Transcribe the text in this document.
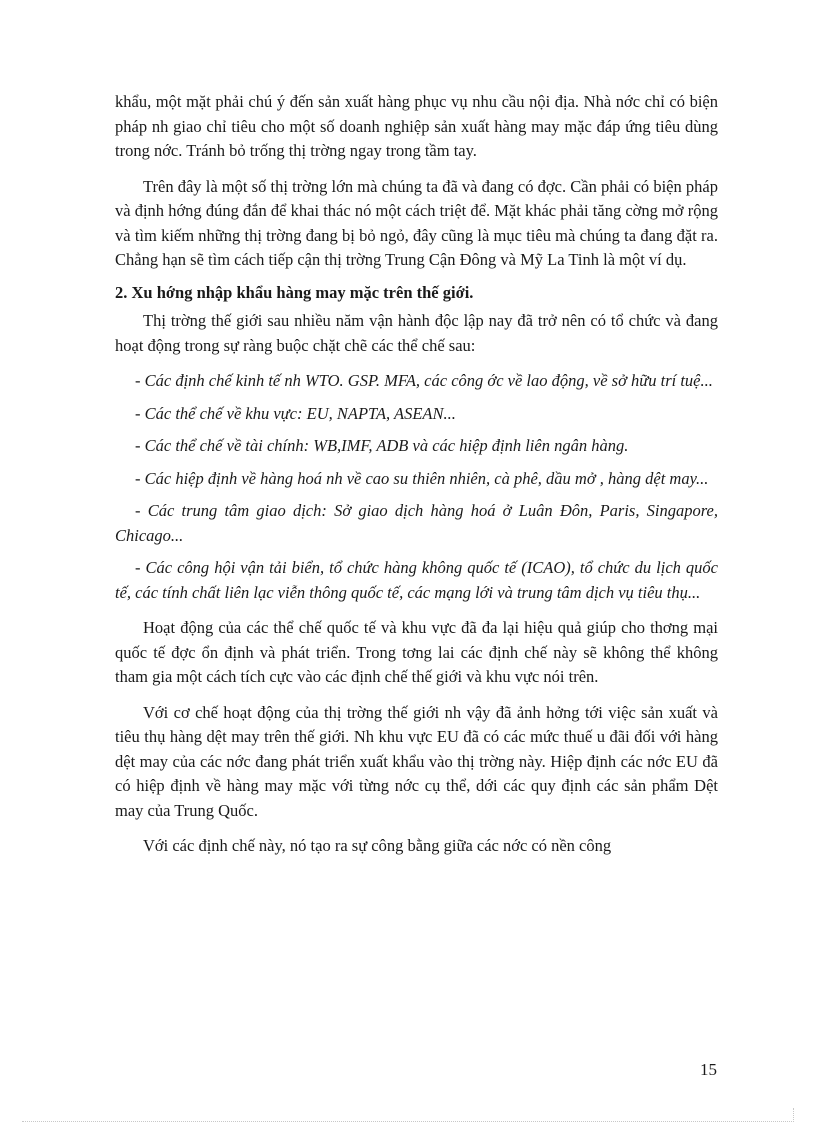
khẩu, một mặt phải chú ý đến sản xuất hàng phục vụ nhu cầu nội địa. Nhà nớc chỉ có biện pháp nh giao chỉ tiêu cho một số doanh nghiệp sản xuất hàng may mặc đáp ứng tiêu dùng trong nớc. Tránh bỏ trống thị trờng ngay trong tầm tay.

Trên đây là một số thị trờng lớn mà chúng ta đã và đang có đợc. Cần phải có biện pháp và định hớng đúng đắn để khai thác nó một cách triệt để. Mặt khác phải tăng cờng mở rộng và tìm kiếm những thị trờng đang bị bỏ ngỏ, đây cũng là mục tiêu mà chúng ta đang đặt ra. Chẳng hạn sẽ tìm cách tiếp cận thị trờng Trung Cận Đông và Mỹ La Tinh là một ví dụ.

2. Xu hớng nhập khẩu hàng may mặc trên thế giới.

Thị trờng thế giới sau nhiều năm vận hành độc lập nay đã trở nên có tổ chức và đang hoạt động trong sự ràng buộc chặt chẽ các thể chế sau:

- Các định chế kinh tế nh WTO. GSP. MFA, các công ớc về lao động, về sở hữu trí tuệ...

- Các thể chế về khu vực: EU, NAPTA, ASEAN...

- Các thể chế về tài chính: WB,IMF, ADB và các hiệp định liên ngân hàng.

- Các hiệp định về hàng hoá nh về cao su thiên nhiên, cà phê, dầu mở , hàng dệt may...

- Các trung tâm giao dịch: Sở giao dịch hàng hoá ở Luân Đôn, Paris, Singapore, Chicago...

- Các công hội vận tải biển, tổ chức hàng không quốc tế (ICAO), tổ chức du lịch quốc tế, các tính chất liên lạc viễn thông quốc tế, các mạng lới và trung tâm dịch vụ tiêu thụ...

Hoạt động của các thể chế quốc tế và khu vực đã đa lại hiệu quả giúp cho thơng mại quốc tế đợc ổn định và phát triển. Trong tơng lai các định chế này sẽ không thể không tham gia một cách tích cực vào các định chế thế giới và khu vực nói trên.

Với cơ chế hoạt động của thị trờng thế giới nh vậy đã ảnh hởng tới việc sản xuất và tiêu thụ hàng dệt may trên thế giới. Nh khu vực EU đã có các mức thuế u đãi đối với hàng dệt may của các nớc đang phát triển xuất khẩu vào thị trờng này. Hiệp định các nớc EU đã có hiệp định về hàng may mặc với từng nớc cụ thể, dới các quy định các sản phẩm Dệt may của Trung Quốc.

Với các định chế này, nó tạo ra sự công bằng giữa các nớc có nền công

15
